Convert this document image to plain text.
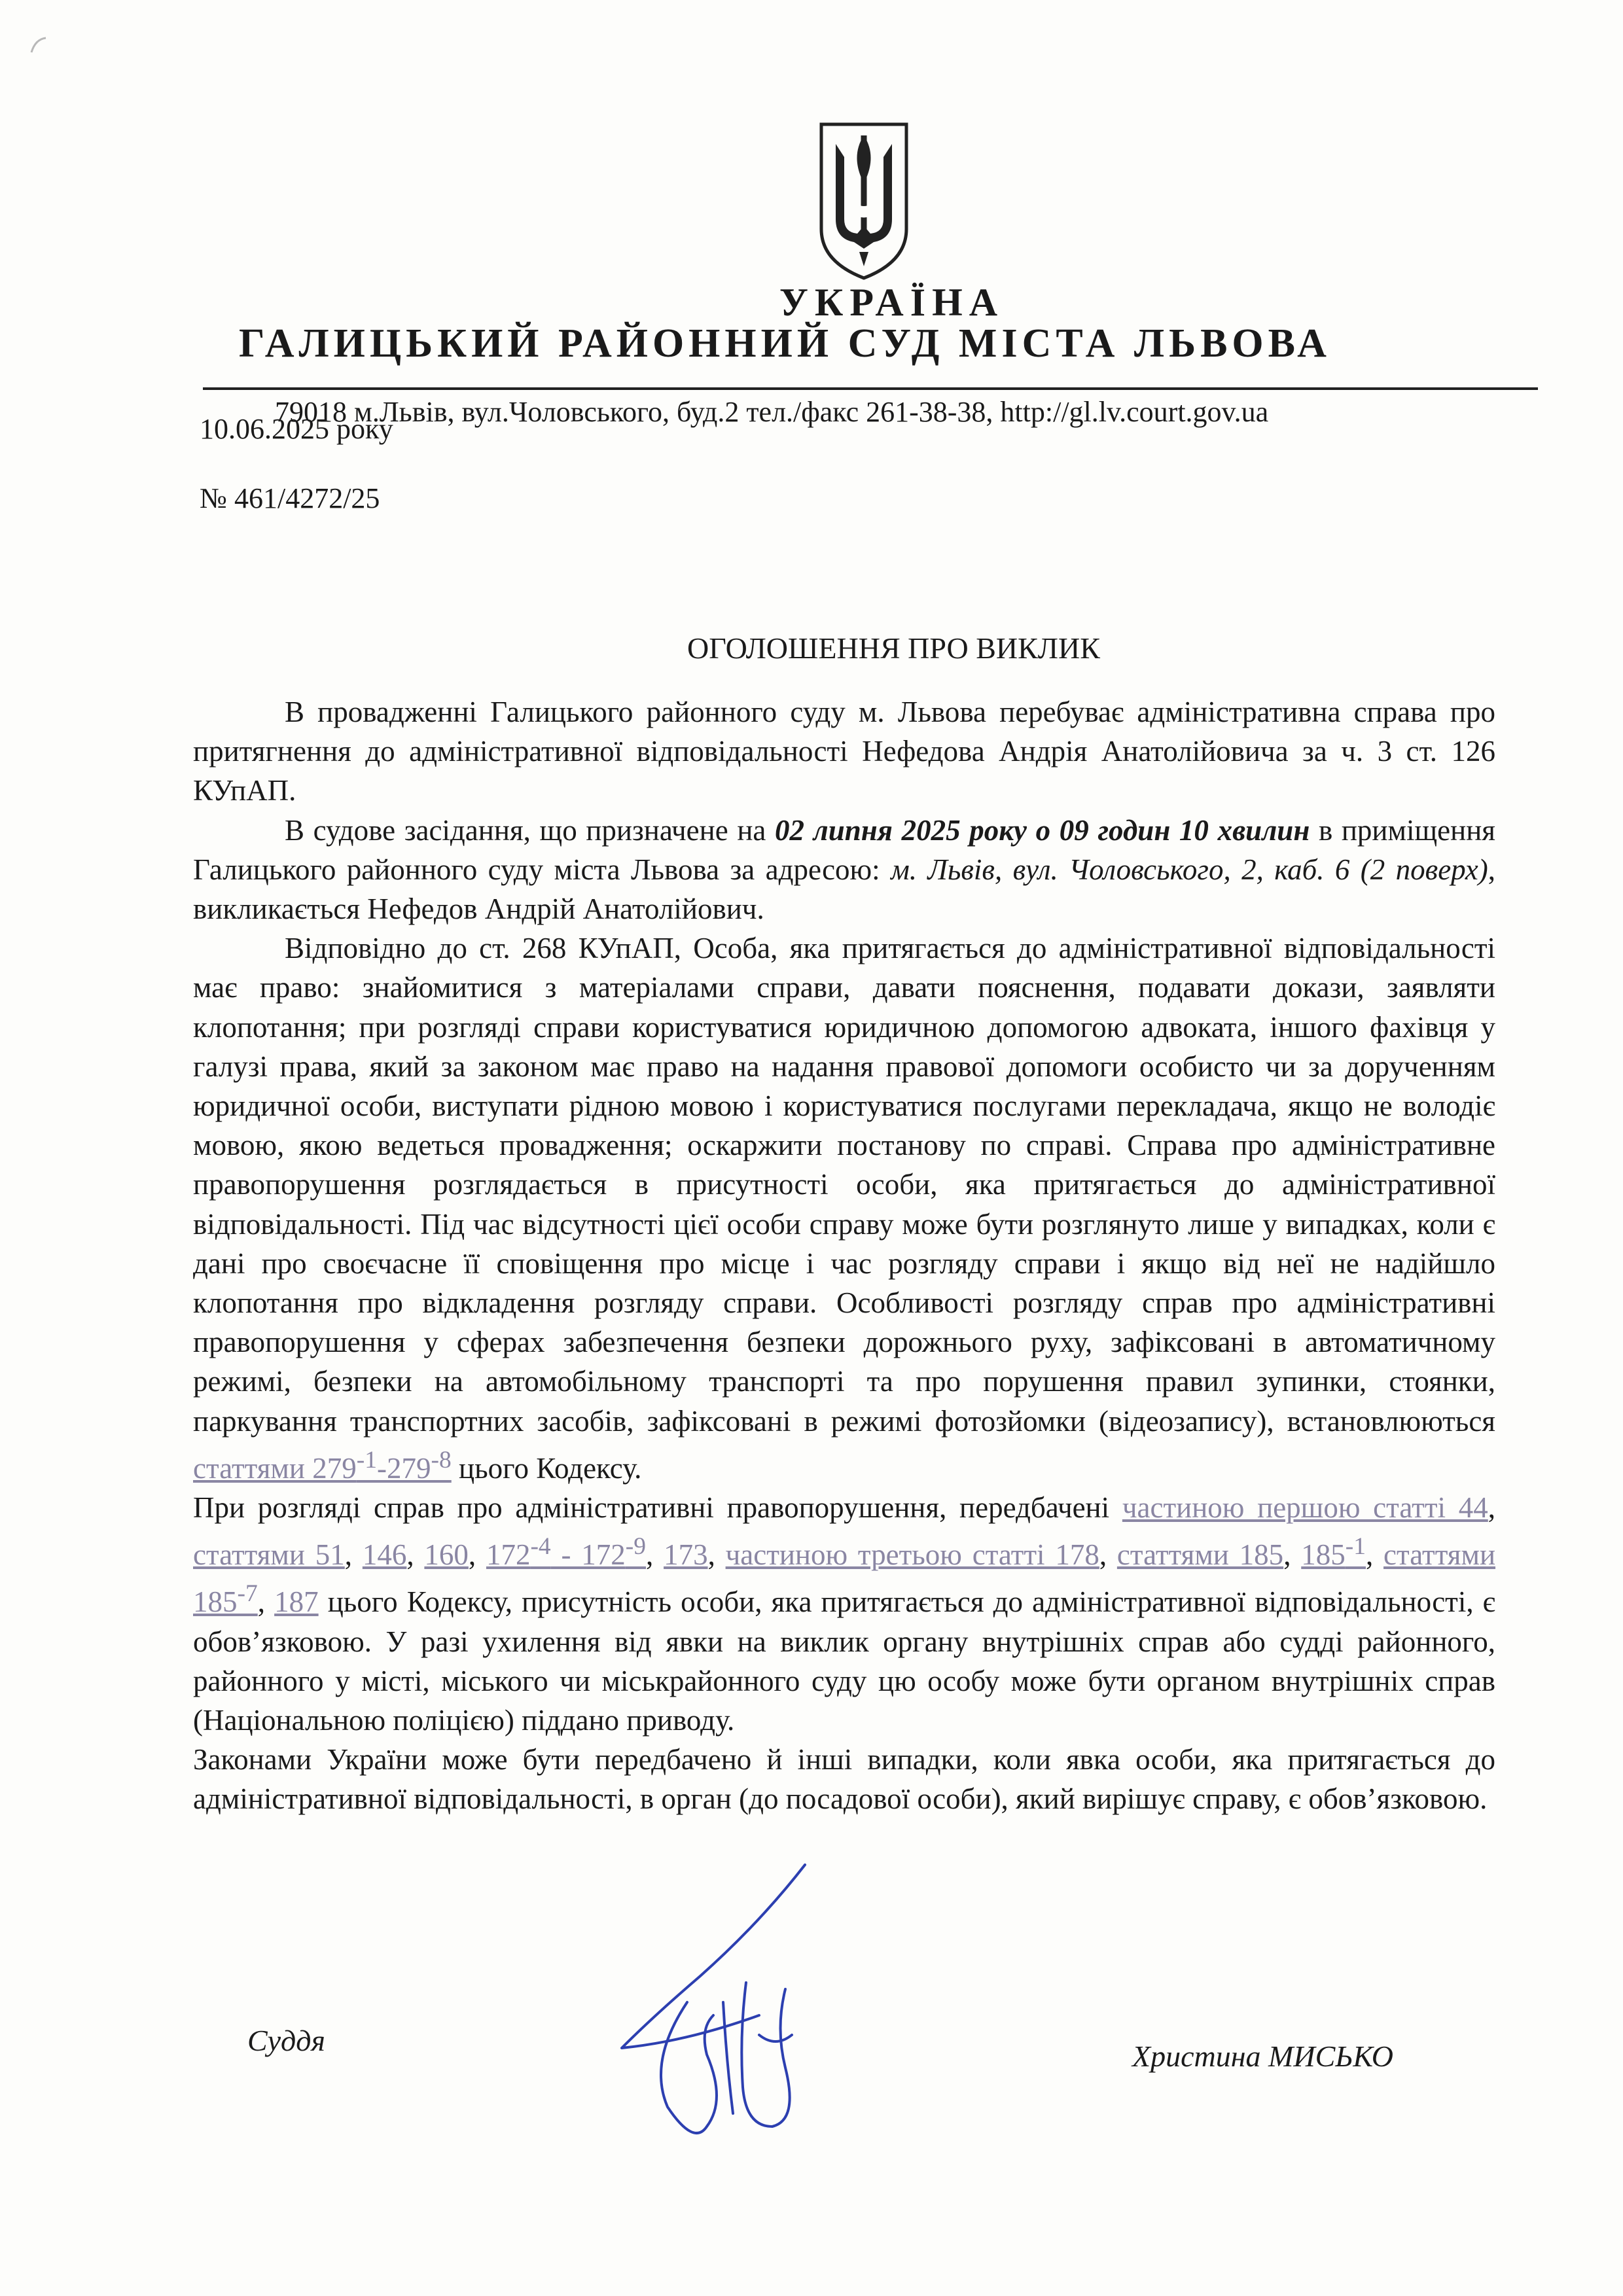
УКРАЇНА
ГАЛИЦЬКИЙ РАЙОННИЙ СУД МІСТА ЛЬВОВА
79018 м.Львів, вул.Чоловського, буд.2 тел./факс 261-38-38, http://gl.lv.court.gov.ua
10.06.2025 року
№ 461/4272/25
ОГОЛОШЕННЯ ПРО ВИКЛИК

В провадженні Галицького районного суду м. Львова перебуває адміністративна справа про притягнення до адміністративної відповідальності Нефедова Андрія Анатолійовича за ч. 3 ст. 126 КУпАП.

В судове засідання, що призначене на 02 липня 2025 року о 09 годин 10 хвилин в приміщення Галицького районного суду міста Львова за адресою: м. Львів, вул. Чоловського, 2, каб. 6 (2 поверх), викликається Нефедов Андрій Анатолійович.

Відповідно до ст. 268 КУпАП, Особа, яка притягається до адміністративної відповідальності має право: знайомитися з матеріалами справи, давати пояснення, подавати докази, заявляти клопотання; при розгляді справи користуватися юридичною допомогою адвоката, іншого фахівця у галузі права, який за законом має право на надання правової допомоги особисто чи за дорученням юридичної особи, виступати рідною мовою і користуватися послугами перекладача, якщо не володіє мовою, якою ведеться провадження; оскаржити постанову по справі. Справа про адміністративне правопорушення розглядається в присутності особи, яка притягається до адміністративної відповідальності. Під час відсутності цієї особи справу може бути розглянуто лише у випадках, коли є дані про своєчасне її сповіщення про місце і час розгляду справи і якщо від неї не надійшло клопотання про відкладення розгляду справи. Особливості розгляду справ про адміністративні правопорушення у сферах забезпечення безпеки дорожнього руху, зафіксовані в автоматичному режимі, безпеки на автомобільному транспорті та про порушення правил зупинки, стоянки, паркування транспортних засобів, зафіксовані в режимі фотозйомки (відеозапису), встановлюються статтями $279^{-1}-279^{-8}$ цього Кодексу.

При розгляді справ про адміністративні правопорушення, передбачені частиною першою статті 44, статтями 51, 146, 160, $172^{-4} - 172^{-9}$, 173, частиною третьою статті 178, статтями 185, $185^{-1}$, статтями $185^{-7}$, 187 цього Кодексу, присутність особи, яка притягається до адміністративної відповідальності, є обов’язковою. У разі ухилення від явки на виклик органу внутрішніх справ або судді районного, районного у місті, міського чи міськрайонного суду цю особу може бути органом внутрішніх справ (Національною поліцією) піддано приводу.

Законами України може бути передбачено й інші випадки, коли явка особи, яка притягається до адміністративної відповідальності, в орган (до посадової особи), який вирішує справу, є обов’язковою.

Суддя	Христина МИСЬКО
